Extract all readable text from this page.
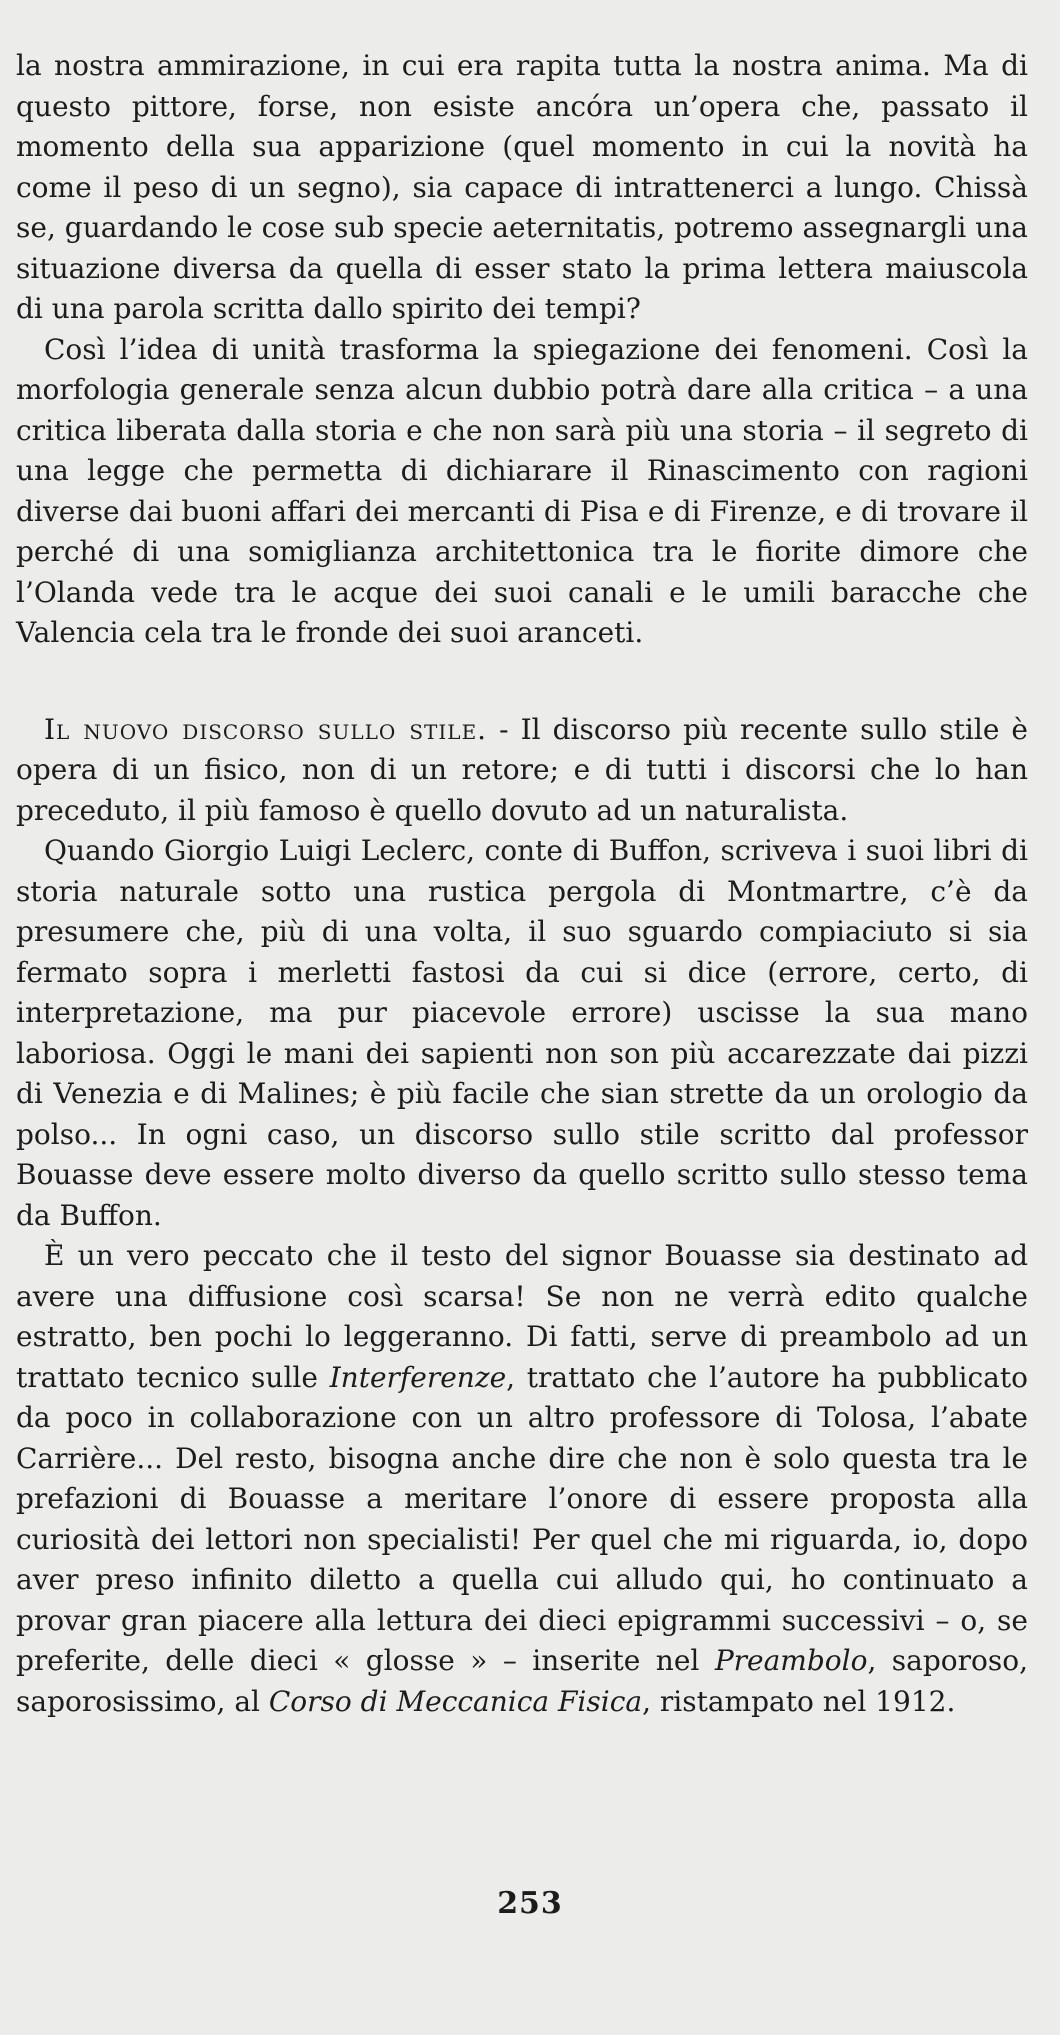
la nostra ammirazione, in cui era rapita tutta la nostra anima. Ma di questo pittore, forse, non esiste ancóra un’opera che, passato il momento della sua apparizione (quel momento in cui la novità ha come il peso di un segno), sia capace di intrattenerci a lungo. Chissà se, guardando le cose sub specie aeternitatis, potremo assegnargli una situazione diversa da quella di esser stato la prima lettera maiuscola di una parola scritta dallo spirito dei tempi?

Così l’idea di unità trasforma la spiegazione dei fenomeni. Così la morfologia generale senza alcun dubbio potrà dare alla critica – a una critica liberata dalla storia e che non sarà più una storia – il segreto di una legge che permetta di dichiarare il Rinascimento con ragioni diverse dai buoni affari dei mercanti di Pisa e di Firenze, e di trovare il perché di una somiglianza architettonica tra le fiorite dimore che l’Olanda vede tra le acque dei suoi canali e le umili baracche che Valencia cela tra le fronde dei suoi aranceti.

Il nuovo discorso sullo stile. - Il discorso più recente sullo stile è opera di un fisico, non di un retore; e di tutti i discorsi che lo han preceduto, il più famoso è quello dovuto ad un naturalista.

Quando Giorgio Luigi Leclerc, conte di Buffon, scriveva i suoi libri di storia naturale sotto una rustica pergola di Montmartre, c’è da presumere che, più di una volta, il suo sguardo compiaciuto si sia fermato sopra i merletti fastosi da cui si dice (errore, certo, di interpretazione, ma pur piacevole errore) uscisse la sua mano laboriosa. Oggi le mani dei sapienti non son più accarezzate dai pizzi di Venezia e di Malines; è più facile che sian strette da un orologio da polso... In ogni caso, un discorso sullo stile scritto dal professor Bouasse deve essere molto diverso da quello scritto sullo stesso tema da Buffon.

È un vero peccato che il testo del signor Bouasse sia destinato ad avere una diffusione così scarsa! Se non ne verrà edito qualche estratto, ben pochi lo leggeranno. Di fatti, serve di preambolo ad un trattato tecnico sulle Interferenze, trattato che l’autore ha pubblicato da poco in collaborazione con un altro professore di Tolosa, l’abate Carrière... Del resto, bisogna anche dire che non è solo questa tra le prefazioni di Bouasse a meritare l’onore di essere proposta alla curiosità dei lettori non specialisti! Per quel che mi riguarda, io, dopo aver preso infinito diletto a quella cui alludo qui, ho continuato a provar gran piacere alla lettura dei dieci epigrammi successivi – o, se preferite, delle dieci « glosse » – inserite nel Preambolo, saporoso, saporosissimo, al Corso di Meccanica Fisica, ristampato nel 1912.

253
